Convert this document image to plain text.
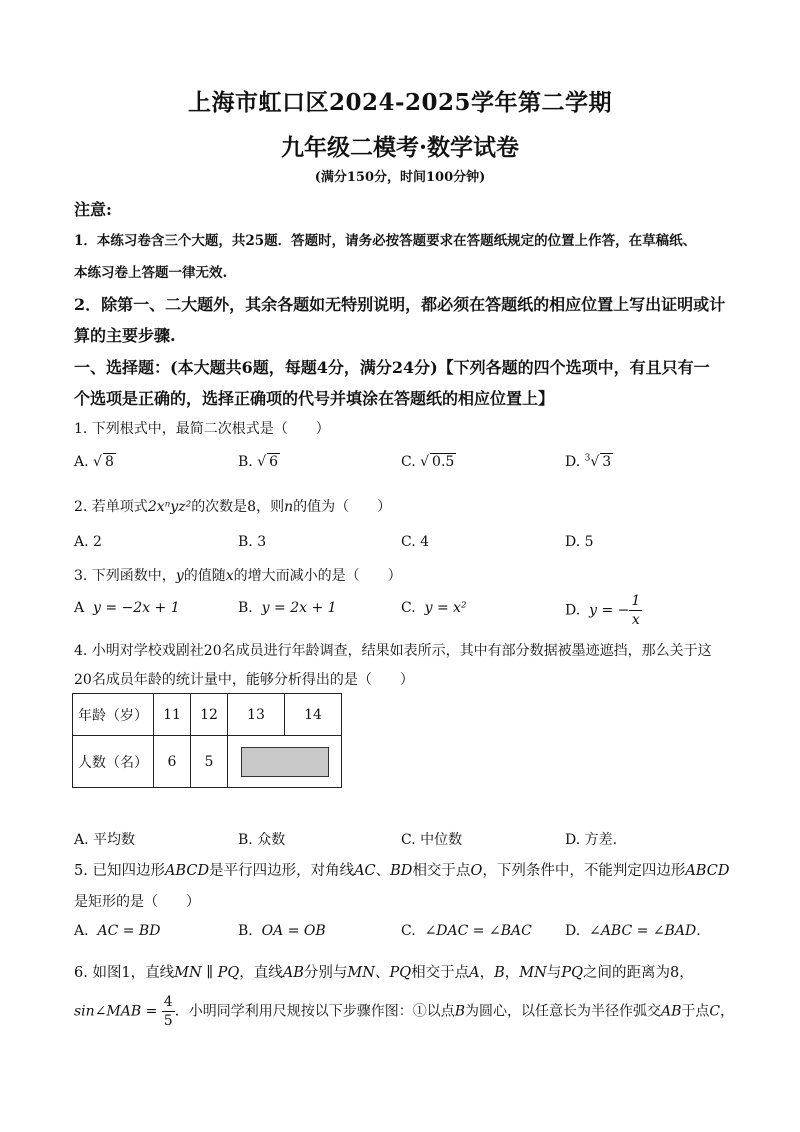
上海市虹口区2024-2025学年第二学期
九年级二模考·数学试卷
(满分150分，时间100分钟)
注意:
1．本练习卷含三个大题，共25题．答题时，请务必按答题要求在答题纸规定的位置上作答，在草稿纸、
本练习卷上答题一律无效.
2．除第一、二大题外，其余各题如无特别说明，都必须在答题纸的相应位置上写出证明或计
算的主要步骤.
一、选择题：(本大题共6题，每题4分，满分24分)【下列各题的四个选项中，有且只有一
个选项是正确的，选择正确项的代号并填涂在答题纸的相应位置上】
1. 下列根式中，最简二次根式是（　　）
A. √ 8	B. √ 6	C. √ 0.5	D. $^3$√ 3
2. 若单项式2xⁿyz²的次数是8，则n的值为（　　）
A. 2	B. 3	C. 4	D. 5
3. 下列函数中，y的值随x的增大而减小的是（　　）
A y = −2x + 1	B. y = 2x + 1	C. y = x²	D. y = − $\frac{1}{x}$
4. 小明对学校戏剧社20名成员进行年龄调查，结果如表所示，其中有部分数据被墨迹遮挡，那么关于这
20名成员年龄的统计量中，能够分析得出的是（　　）
年龄（岁）	11	12	13	14
人数（名）	6	5		
A. 平均数	B. 众数	C. 中位数	D. 方差.
5. 已知四边形ABCD是平行四边形，对角线AC、BD相交于点O，下列条件中，不能判定四边形ABCD
是矩形的是（　　）
A. AC = BD	B. OA = OB	C. ∠DAC = ∠BAC D. ∠ABC = ∠BAD.
6. 如图1，直线MN ∥ PQ，直线AB分别与MN、PQ相交于点A，B，MN与PQ之间的距离为8，
sin∠MAB = $\frac{4}{5}$ ．小明同学利用尺规按以下步骤作图：①以点B为圆心，以任意长为半径作弧交AB于点C，
